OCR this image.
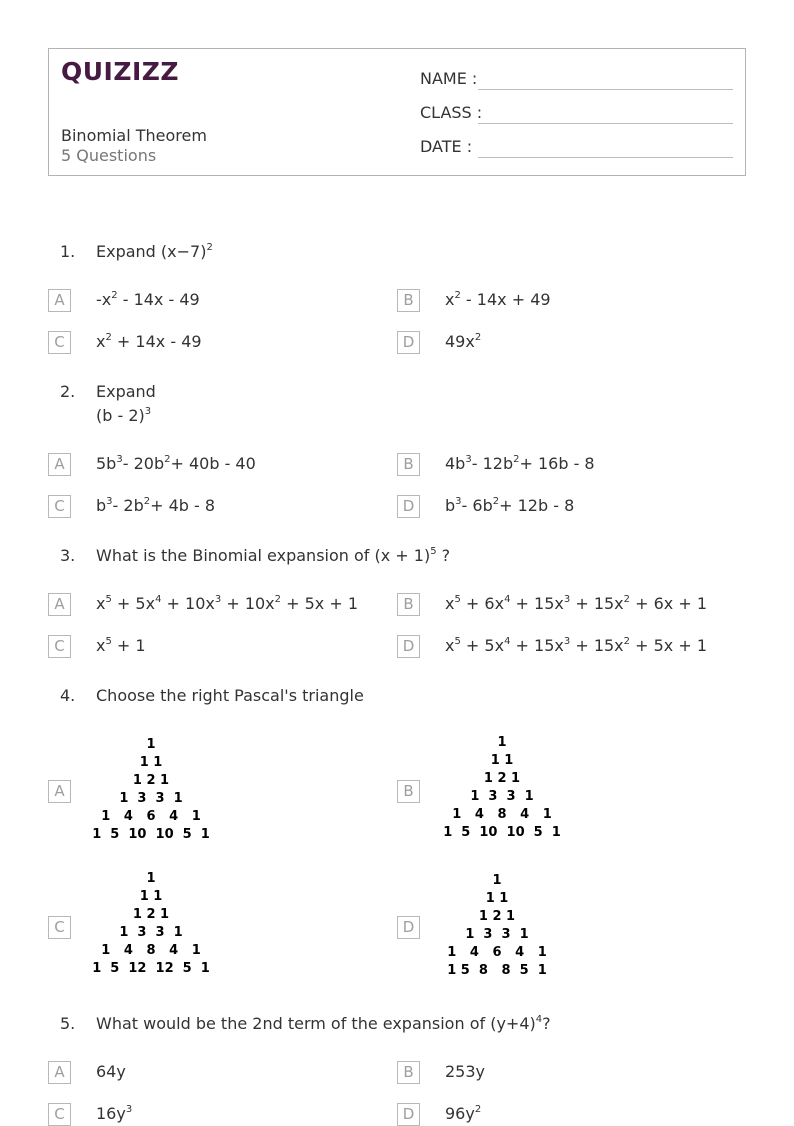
QUIZIZZ
Binomial Theorem
5 Questions
NAME :
CLASS :
DATE :
1. Expand $(x-7)^2$
A	$-x^2 - 14x - 49$	B	$x^2 - 14x + 49$
C	$x^2 + 14x - 49$	D	$49x^2$
2. Expand
(b - 2)$^3$
A	$5b^3-$ $20b^2+ 40b - 40$	B	$4b^3-$ $12b^2+ 16b - 8$
C	$b^3-$ $2b^2+ 4b - 8$	D	$b^3-$ $6b^2+ 12b - 8$
3. What is the Binomial expansion of $(x + 1)^5$ ?
A	$x^5 + 5x^4 + 10x^3 + 10x^2 + 5x + 1$	B	$x^5 + 6x^4 + 15x^3 + 15x^2 + 6x + 1$
C	$x^5 + 1$	D	$x^5 + 5x^4 + 15x^3 + 15x^2 + 5x + 1$
4. Choose the right Pascal's triangle
A
1
1 1
1 2 1
1  3  3  1
1   4   6   4   1
1  5  10  10  5  1
B
1
1 1
1 2 1
1  3  3  1
1   4   8   4   1
1  5  10  10  5  1
C
1
1 1
1 2 1
1  3  3  1
1   4   8   4   1
1  5  12  12  5  1
D
1
1 1
1 2 1
1  3  3  1
1   4   6   4   1
1 5  8   8  5  1
5. What would be the 2nd term of the expansion of $(y+4)^4$?
A	64y	B	253y
C	$16y^3$	D	$96y^2$
